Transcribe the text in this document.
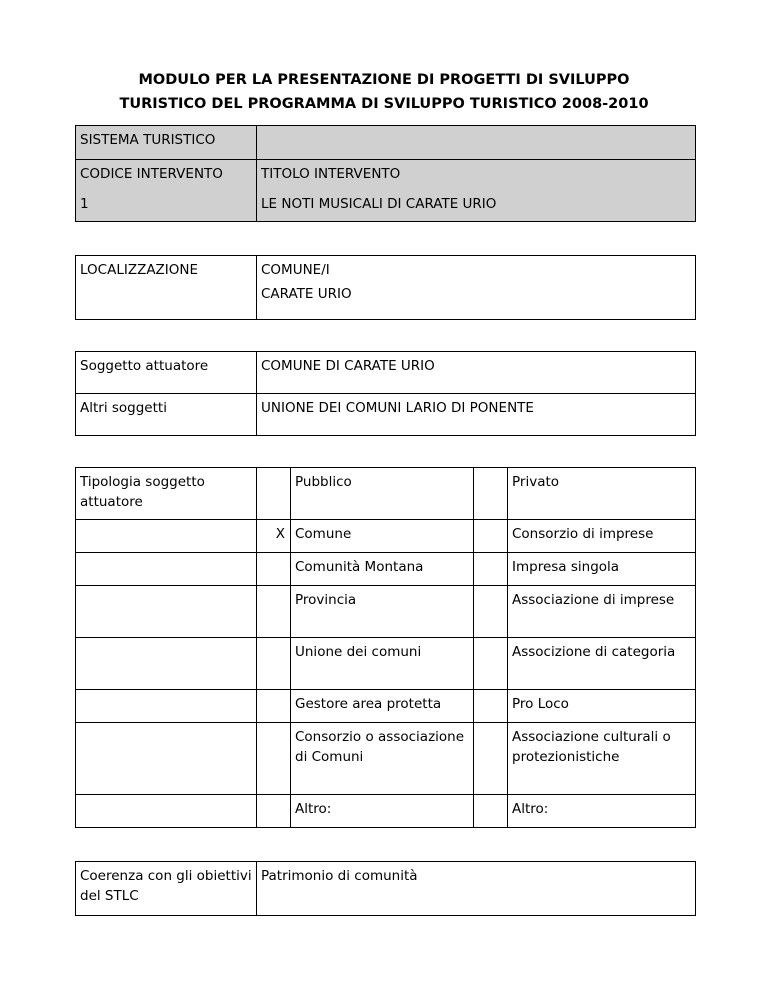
MODULO PER LA PRESENTAZIONE DI PROGETTI DI SVILUPPO
TURISTICO DEL PROGRAMMA DI SVILUPPO TURISTICO 2008-2010
SISTEMA TURISTICO	
CODICE INTERVENTO	TITOLO INTERVENTO
1	LE NOTI MUSICALI DI CARATE URIO
LOCALIZZAZIONE	COMUNE/I
CARATE URIO
Soggetto attuatore	COMUNE DI CARATE URIO
Altri soggetti	UNIONE DEI COMUNI LARIO DI PONENTE
Tipologia soggetto attuatore		Pubblico		Privato
	X	Comune		Consorzio di imprese
		Comunità Montana		Impresa singola
		Provincia		Associazione di imprese
		Unione dei comuni		Associzione di categoria
		Gestore area protetta		Pro Loco
		Consorzio o associazione di Comuni		Associazione culturali o protezionistiche
		Altro:		Altro:
Coerenza con gli obiettivi del STLC	Patrimonio di comunità
